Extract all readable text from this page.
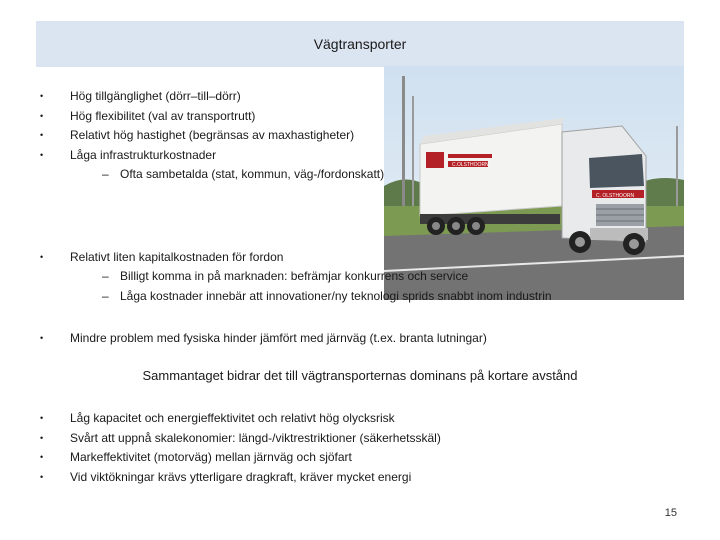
Vägtransporter
C.OLSTHOORN
C. OLSTHOORN
• Hög tillgänglighet (dörr–till–dörr)
• Hög flexibilitet (val av transportrutt)
• Relativt hög hastighet (begränsas av maxhastigheter)
• Låga infrastrukturkostnader
– Ofta sambetalda (stat, kommun, väg-/fordonskatt)
• Relativt liten kapitalkostnaden för fordon
– Billigt komma in på marknaden: befrämjar konkurrens och service
– Låga kostnader innebär att innovationer/ny teknologi sprids snabbt inom industrin
• Mindre problem med fysiska hinder jämfört med järnväg (t.ex. branta lutningar)
Sammantaget bidrar det till vägtransporternas dominans på kortare avstånd
• Låg kapacitet och energieffektivitet och relativt hög olycksrisk
• Svårt att uppnå skalekonomier: längd-/viktrestriktioner (säkerhetsskäl)
• Markeffektivitet (motorväg) mellan järnväg och sjöfart
• Vid viktökningar krävs ytterligare dragkraft, kräver mycket energi
15
